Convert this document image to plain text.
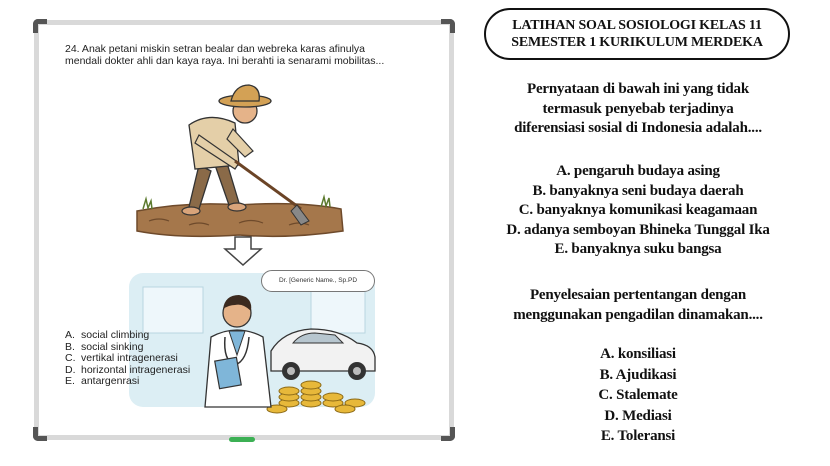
24. Anak petani miskin setran bealar dan webreka karas afinulya mendali dokter ahli dan kaya raya. Ini berahti ia senarami mobilitas...
Dr. [Generic Name., Sp.PD
A. social climbing
B. social sinking
C. vertikal intragenerasi
D. horizontal intragenerasi
E. antargenrasi
LATIHAN SOAL SOSIOLOGI KELAS 11
SEMESTER 1 KURIKULUM MERDEKA
Pernyataan di bawah ini yang tidak
termasuk penyebab terjadinya
diferensiasi sosial di Indonesia adalah....
A. pengaruh budaya asing
B. banyaknya seni budaya daerah
C. banyaknya komunikasi keagamaan
D. adanya semboyan Bhineka Tunggal Ika
E. banyaknya suku bangsa
Penyelesaian pertentangan dengan
menggunakan pengadilan dinamakan....
A. konsiliasi
B. Ajudikasi
C. Stalemate
D. Mediasi
E. Toleransi
